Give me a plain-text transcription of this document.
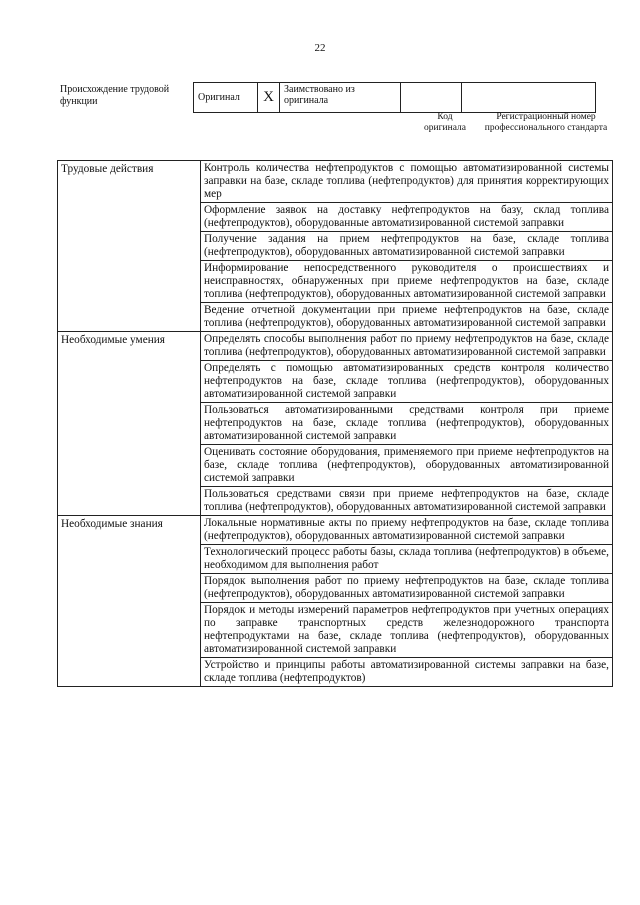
22
Происхождение трудовой функции	Оригинал	X	Заимствовано из оригинала		
Код оригинала
Регистрационный номер профессионального стандарта
Трудовые действия	Контроль количества нефтепродуктов с помощью автоматизированной системы заправки на базе, складе топлива (нефтепродуктов) для принятия корректирующих мер
	Оформление заявок на доставку нефтепродуктов на базу, склад топлива (нефтепродуктов), оборудованные автоматизированной системой заправки
	Получение задания на прием нефтепродуктов на базе, складе топлива (нефтепродуктов), оборудованных автоматизированной системой заправки
	Информирование непосредственного руководителя о происшествиях и неисправностях, обнаруженных при приеме нефтепродуктов на базе, складе топлива (нефтепродуктов), оборудованных автоматизированной системой заправки
	Ведение отчетной документации при приеме нефтепродуктов на базе, складе топлива (нефтепродуктов), оборудованных автоматизированной системой заправки
Необходимые умения	Определять способы выполнения работ по приему нефтепродуктов на базе, складе топлива (нефтепродуктов), оборудованных автоматизированной системой заправки
	Определять с помощью автоматизированных средств контроля количество нефтепродуктов на базе, складе топлива (нефтепродуктов), оборудованных автоматизированной системой заправки
	Пользоваться автоматизированными средствами контроля при приеме нефтепродуктов на базе, складе топлива (нефтепродуктов), оборудованных автоматизированной системой заправки
	Оценивать состояние оборудования, применяемого при приеме нефтепродуктов на базе, складе топлива (нефтепродуктов), оборудованных автоматизированной системой заправки
	Пользоваться средствами связи при приеме нефтепродуктов на базе, складе топлива (нефтепродуктов), оборудованных автоматизированной системой заправки
Необходимые знания	Локальные нормативные акты по приему нефтепродуктов на базе, складе топлива (нефтепродуктов), оборудованных автоматизированной системой заправки
	Технологический процесс работы базы, склада топлива (нефтепродуктов) в объеме, необходимом для выполнения работ
	Порядок выполнения работ по приему нефтепродуктов на базе, складе топлива (нефтепродуктов), оборудованных автоматизированной системой заправки
	Порядок и методы измерений параметров нефтепродуктов при учетных операциях по заправке транспортных средств железнодорожного транспорта нефтепродуктами на базе, складе топлива (нефтепродуктов), оборудованных автоматизированной системой заправки
	Устройство и принципы работы автоматизированной системы заправки на базе, складе топлива (нефтепродуктов)
